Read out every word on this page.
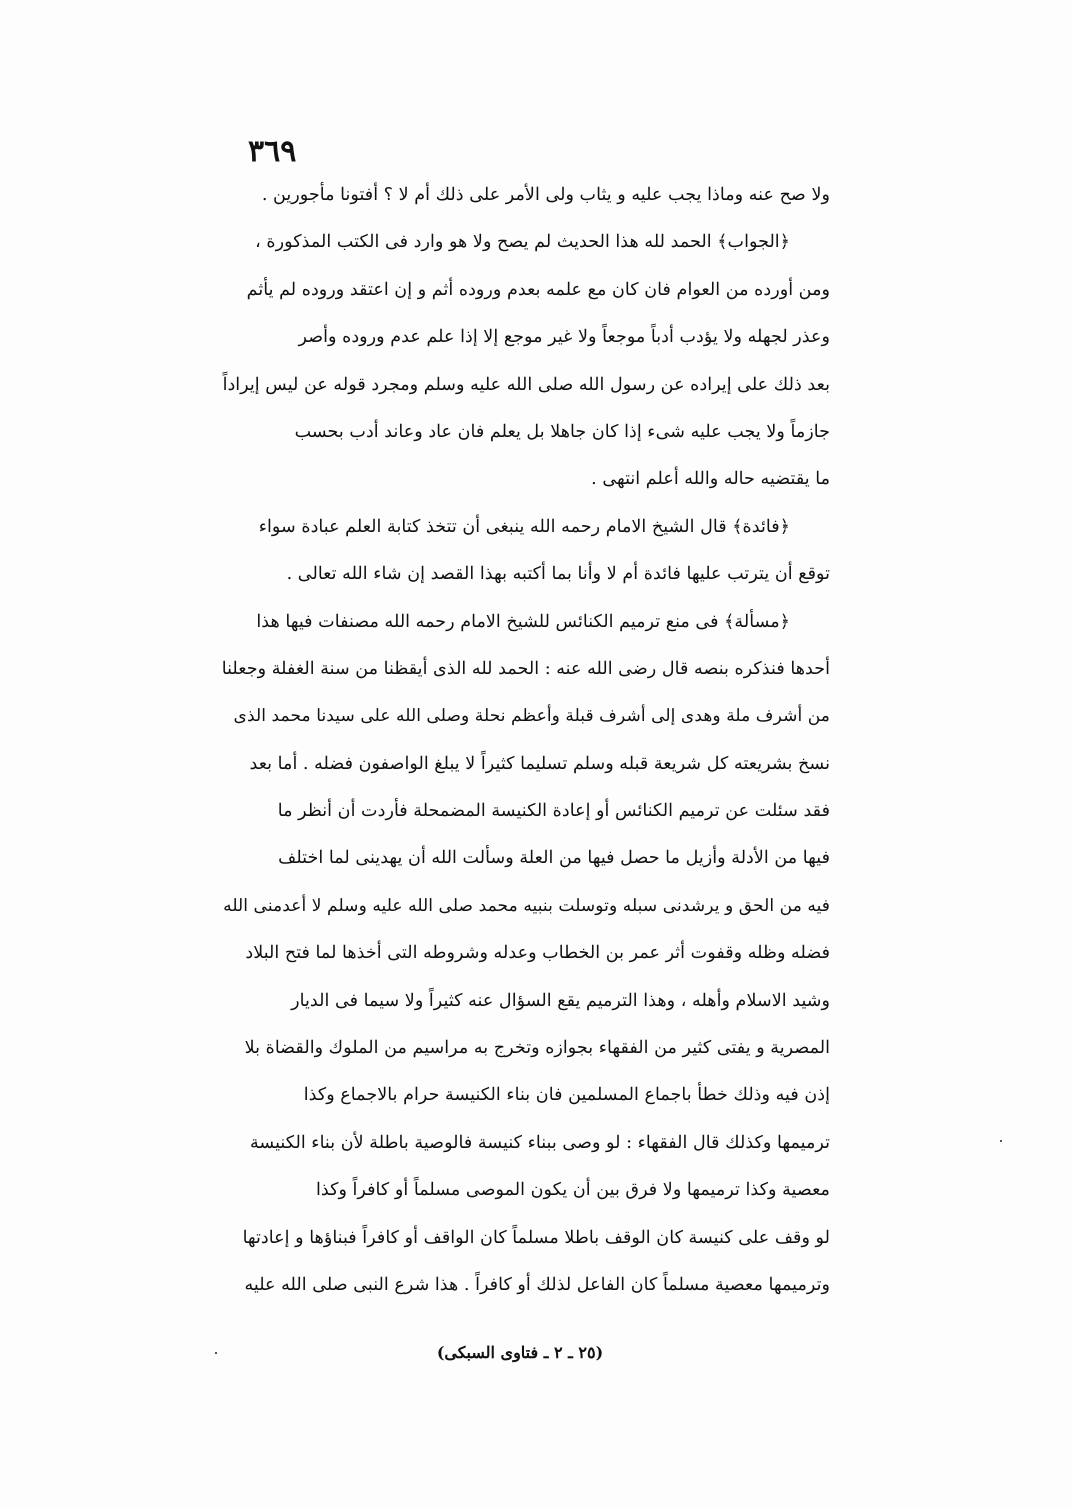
٣٦٩
ولا صح عنه وماذا يجب عليه و يثاب ولى الأمر على ذلك أم لا ؟ أفتونا مأجورين .
﴿الجواب﴾ الحمد لله هذا الحديث لم يصح ولا هو وارد فى الكتب المذكورة ،
ومن أورده من العوام فان كان مع علمه بعدم وروده أثم و إن اعتقد وروده لم يأثم
وعذر لجهله ولا يؤدب أدباً موجعاً ولا غير موجع إلا إذا علم عدم وروده وأصر
بعد ذلك على إيراده عن رسول الله صلى الله عليه وسلم ومجرد قوله عن ليس إيراداً
جازماً ولا يجب عليه شىء إذا كان جاهلا بل يعلم فان عاد وعاند أدب بحسب
ما يقتضيه حاله والله أعلم انتهى .
﴿فائدة﴾ قال الشيخ الامام رحمه الله ينبغى أن تتخذ كتابة العلم عبادة سواء
توقع أن يترتب عليها فائدة أم لا وأنا بما أكتبه بهذا القصد إن شاء الله تعالى .
﴿مسألة﴾ فى منع ترميم الكنائس للشيخ الامام رحمه الله مصنفات فيها هذا
أحدها فنذكره بنصه قال رضى الله عنه : الحمد لله الذى أيقظنا من سنة الغفلة وجعلنا
من أشرف ملة وهدى إلى أشرف قبلة وأعظم نحلة وصلى الله على سيدنا محمد الذى
نسخ بشريعته كل شريعة قبله وسلم تسليما كثيراً لا يبلغ الواصفون فضله . أما بعد
فقد سئلت عن ترميم الكنائس أو إعادة الكنيسة المضمحلة فأردت أن أنظر ما
فيها من الأدلة وأزيل ما حصل فيها من العلة وسألت الله أن يهدينى لما اختلف
فيه من الحق و يرشدنى سبله وتوسلت بنبيه محمد صلى الله عليه وسلم لا أعدمنى الله
فضله وظله وقفوت أثر عمر بن الخطاب وعدله وشروطه التى أخذها لما فتح البلاد
وشيد الاسلام وأهله ، وهذا الترميم يقع السؤال عنه كثيراً ولا سيما فى الديار
المصرية و يفتى كثير من الفقهاء بجوازه وتخرج به مراسيم من الملوك والقضاة بلا
إذن فيه وذلك خطأ باجماع المسلمين فان بناء الكنيسة حرام بالاجماع وكذا
ترميمها وكذلك قال الفقهاء : لو وصى ببناء كنيسة فالوصية باطلة لأن بناء الكنيسة
معصية وكذا ترميمها ولا فرق بين أن يكون الموصى مسلماً أو كافراً وكذا
لو وقف على كنيسة كان الوقف باطلا مسلماً كان الواقف أو كافراً فبناؤها و إعادتها
وترميمها معصية مسلماً كان الفاعل لذلك أو كافراً . هذا شرع النبى صلى الله عليه
(٢٥ ـ ٢ ـ فتاوى السبكى)
